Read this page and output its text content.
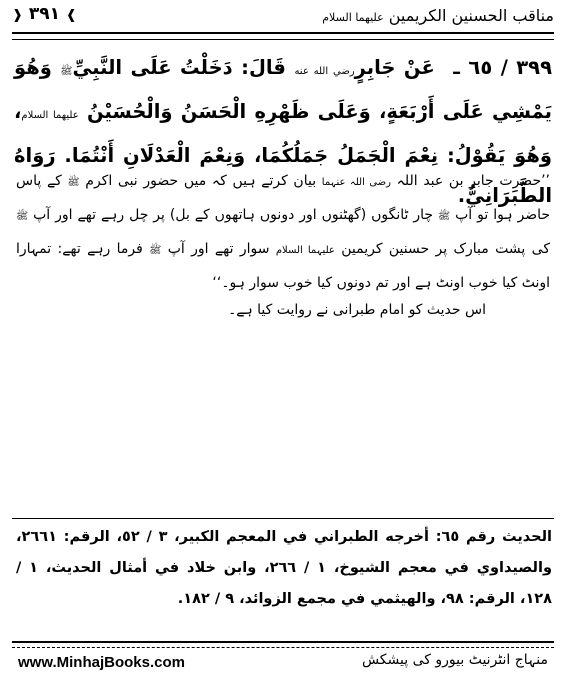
مناقب الحسنين الكريمين عليهما السلام
❱ ٣٩١ ❰
٣٩٩ / ٦٥ ـ عَنْ جَابِرٍرضي الله عنه قَالَ: دَخَلْتُ عَلَى النَّبِيِّﷺ وَهُوَ يَمْشِي عَلَى أَرْبَعَةٍ، وَعَلَى ظَهْرِهِ الْحَسَنُ وَالْحُسَيْنُ عليهما السلام، وَهُوَ يَقُوْلُ: نِعْمَ الْجَمَلُ جَمَلُكُمَا، وَنِعْمَ الْعَدْلَانِ أَنْتُمَا. رَوَاهُ الطَّبَرَانِيُّ.
’’حضرت جابر بن عبد اللہ رضی اللہ عنہما بیان کرتے ہیں کہ میں حضور نبی اکرم ﷺ کے پاس حاضر ہوا تو آپ ﷺ چار ٹانگوں (گھٹنوں اور دونوں ہاتھوں کے بل) پر چل رہے تھے اور آپ ﷺ کی پشت مبارک پر حسنین کریمین علیہما السلام سوار تھے اور آپ ﷺ فرما رہے تھے: تمہارا اونٹ کیا خوب اونٹ ہے اور تم دونوں کیا خوب سوار ہو۔‘‘
اس حدیث کو امام طبرانی نے روایت کیا ہے۔
الحديث رقم ٦٥: أخرجه الطبراني في المعجم الكبير، ٣ / ٥٢، الرقم: ٢٦٦١، والصيداوي في معجم الشيوخ، ١ / ٢٦٦، وابن خلاد في أمثال الحديث، ١ / ١٢٨، الرقم: ٩٨، والهيثمي في مجمع الزوائد، ٩ / ١٨٢.
www.MinhajBooks.com	منہاج انٹرنیٹ بیورو کی پیشکش
